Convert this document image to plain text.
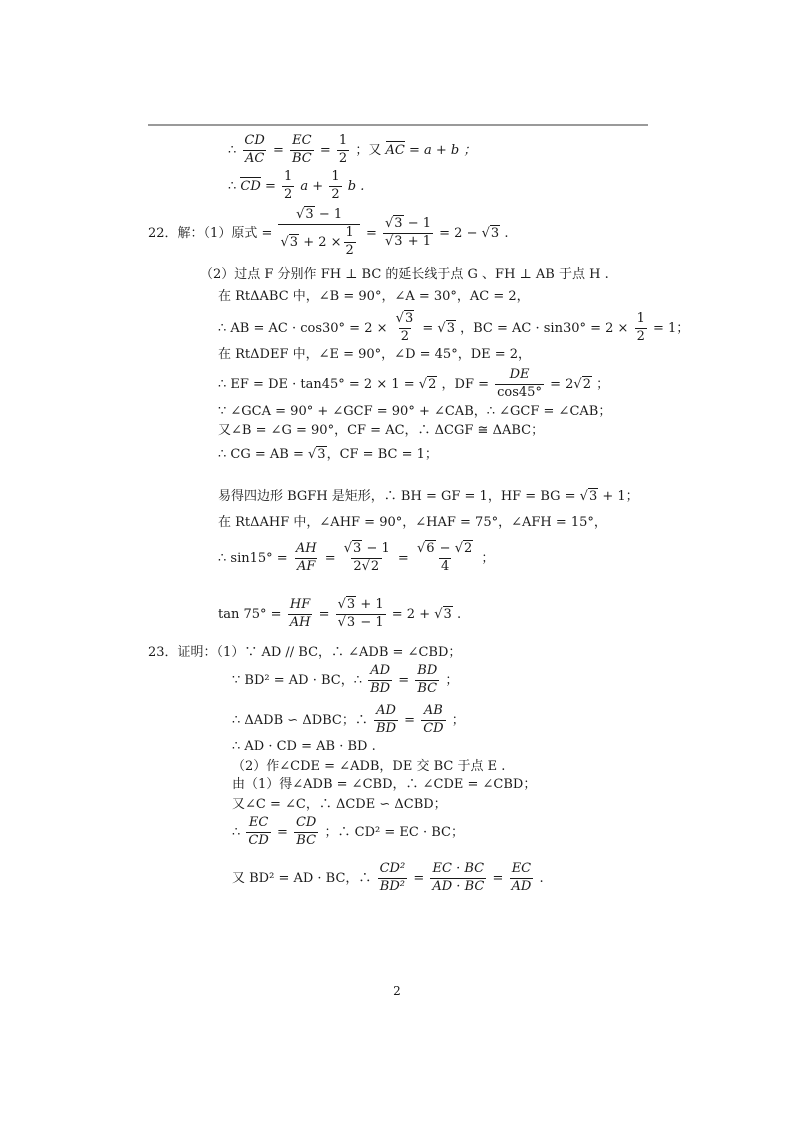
∴ $\frac{CD}{AC} = \frac{EC}{BC} = \frac{1}{2}$ ；又 AC = a + b ；
∴ CD = $\frac{1}{2}$ $a + \frac{1}{2}$ b .
22．解：（1）原式 = $\frac{√3 - 1}{√3 + 2 \times \frac{1}{2}} = \frac{√3 - 1}{√3 + 1} = 2 - √3$ .
（2）过点 F 分别作 FH ⊥ BC 的延长线于点 G 、FH ⊥ AB 于点 H .
在 RtΔABC 中，∠B = 90°，∠A = 30°，AC = 2，
∴ AB = AC · $\cos 30^\circ = 2 \times \frac{√3}{2} = √3$ ，BC = AC · $\sin 30^\circ = 2 \times \frac{1}{2} = 1$；
在 RtΔDEF 中，∠E = 90°，∠D = 45°，DE = 2，
∴ EF = DE · tan45° = 2 × 1 = √2 ，DF = $\frac{DE}{\cos 45^\circ} = 2√2$ ；
∵ ∠GCA = 90° + ∠GCF = 90° + ∠CAB，∴ ∠GCF = ∠CAB；
又∠B = ∠G = 90°，CF = AC，∴ ΔCGF ≅ ΔABC；
∴ CG = AB = √3，CF = BC = 1；
易得四边形 BGFH 是矩形，∴ BH = GF = 1，HF = BG = √3 + 1；
在 RtΔAHF 中，∠AHF = 90°，∠HAF = 75°，∠AFH = 15°，
∴ $\sin 15^\circ = \frac{AH}{AF} = \frac{√3 - 1}{2√2} = \frac{√6 - √2}{4}$ ；
$\tan 75^\circ = \frac{HF}{AH} = \frac{√3 + 1}{√3 - 1} = 2 + √3$ .
23．证明：（1）∵ AD // BC，∴ ∠ADB = ∠CBD；
∵ BD² = AD · BC，∴ $\frac{AD}{BD} = \frac{BD}{BC}$ ；
∴ ΔADB ∽ ΔDBC；∴ $\frac{AD}{BD} = \frac{AB}{CD}$ ；
∴ AD · CD = AB · BD .
（2）作∠CDE = ∠ADB，DE 交 BC 于点 E .
由（1）得∠ADB = ∠CBD，∴ ∠CDE = ∠CBD；
又∠C = ∠C，∴ ΔCDE ∽ ΔCBD；
∴ $\frac{EC}{CD} = \frac{CD}{BC}$ ；∴ CD² = EC · BC；
又 BD² = AD · BC，∴ $\frac{\text{CD²}}{\text{BD²}} = \frac{EC \cdot BC}{AD \cdot BC} = \frac{EC}{AD}$ .
2
